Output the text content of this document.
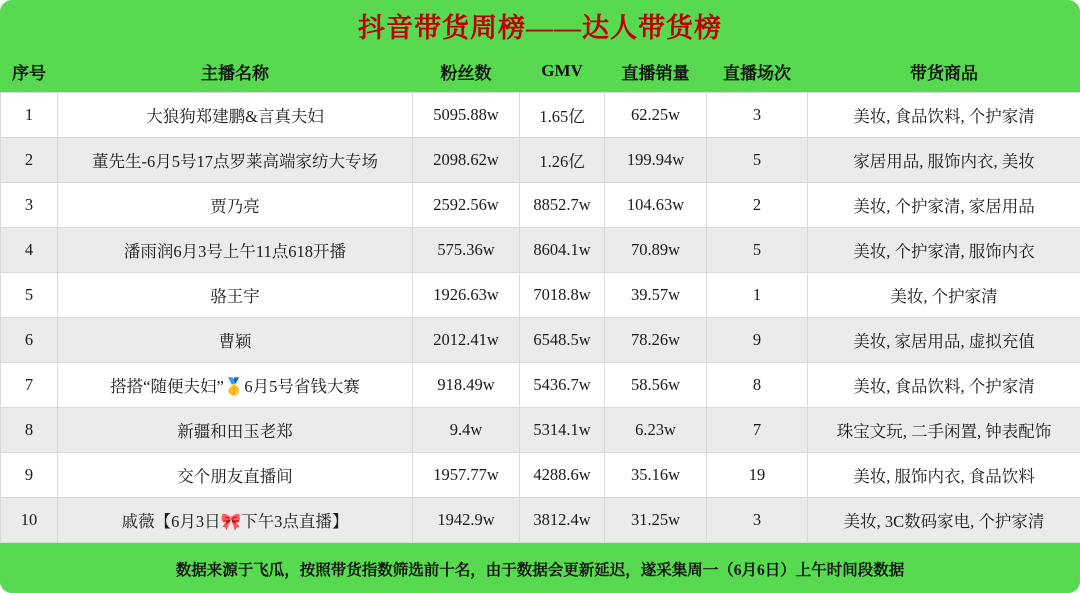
抖音带货周榜——达人带货榜
序号	主播名称	粉丝数	GMV	直播销量	直播场次	带货商品
1	大狼狗郑建鹏&言真夫妇	5095.88w	1.65亿	62.25w	3	美妆, 食品饮料, 个护家清
2	董先生-6月5号17点罗莱高端家纺大专场	2098.62w	1.26亿	199.94w	5	家居用品, 服饰内衣, 美妆
3	贾乃亮	2592.56w	8852.7w	104.63w	2	美妆, 个护家清, 家居用品
4	潘雨润6月3号上午11点618开播	575.36w	8604.1w	70.89w	5	美妆, 个护家清, 服饰内衣
5	骆王宇	1926.63w	7018.8w	39.57w	1	美妆, 个护家清
6	曹颖	2012.41w	6548.5w	78.26w	9	美妆, 家居用品, 虚拟充值
7	搭搭“随便夫妇”🥇6月5号省钱大赛	918.49w	5436.7w	58.56w	8	美妆, 食品饮料, 个护家清
8	新疆和田玉老郑	9.4w	5314.1w	6.23w	7	珠宝文玩, 二手闲置, 钟表配饰
9	交个朋友直播间	1957.77w	4288.6w	35.16w	19	美妆, 服饰内衣, 食品饮料
10	戚薇【6月3日🎀下午3点直播】	1942.9w	3812.4w	31.25w	3	美妆, 3C数码家电, 个护家清
数据来源于飞瓜，按照带货指数筛选前十名，由于数据会更新延迟，遂采集周一（6月6日）上午时间段数据
